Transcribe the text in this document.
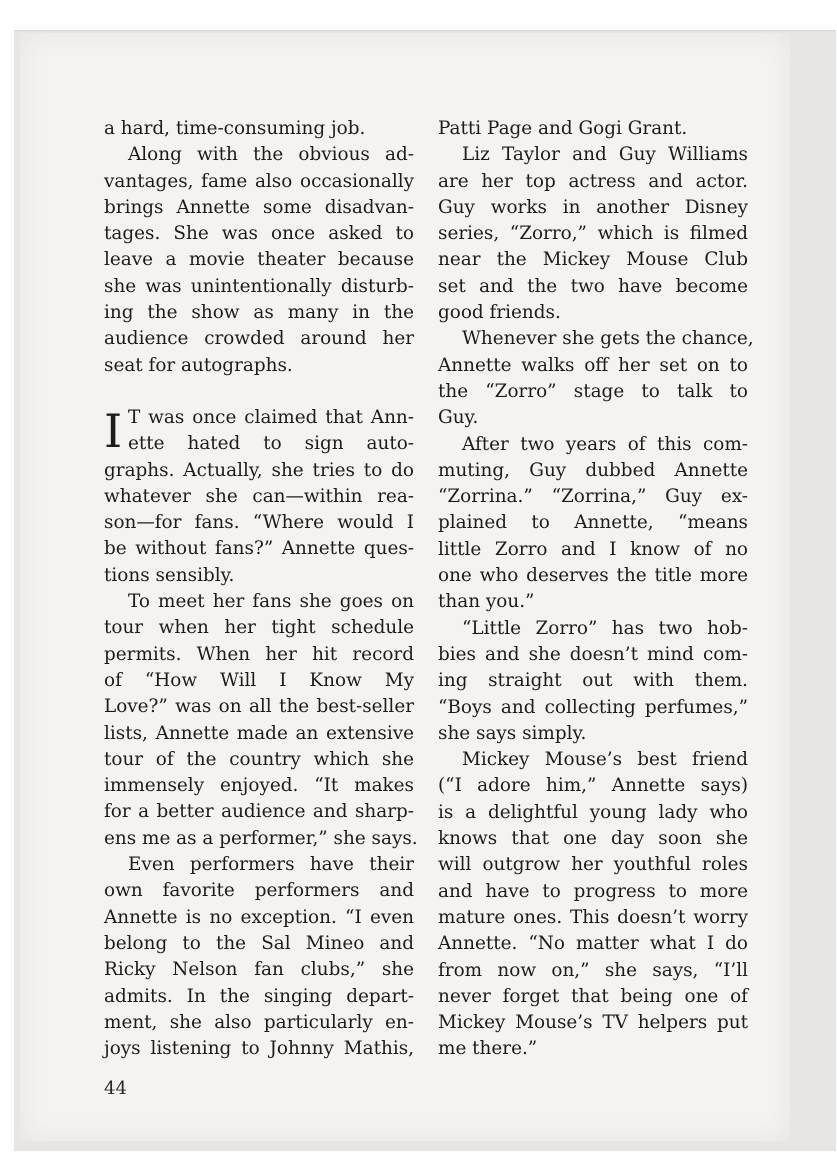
a hard, time-consuming job.
Along with the obvious ad-
vantages, fame also occasionally
brings Annette some disadvan-
tages. She was once asked to
leave a movie theater because
she was unintentionally disturb-
ing the show as many in the
audience crowded around her
seat for autographs.
I T was once claimed that Ann-
ette hated to sign auto-
graphs. Actually, she tries to do
whatever she can—within rea-
son—for fans. “Where would I
be without fans?” Annette ques-
tions sensibly.
To meet her fans she goes on
tour when her tight schedule
permits. When her hit record
of “How Will I Know My
Love?” was on all the best-seller
lists, Annette made an extensive
tour of the country which she
immensely enjoyed. “It makes
for a better audience and sharp-
ens me as a performer,” she says.
Even performers have their
own favorite performers and
Annette is no exception. “I even
belong to the Sal Mineo and
Ricky Nelson fan clubs,” she
admits. In the singing depart-
ment, she also particularly en-
joys listening to Johnny Mathis,
Patti Page and Gogi Grant.
Liz Taylor and Guy Williams
are her top actress and actor.
Guy works in another Disney
series, “Zorro,” which is filmed
near the Mickey Mouse Club
set and the two have become
good friends.
Whenever she gets the chance,
Annette walks off her set on to
the “Zorro” stage to talk to
Guy.
After two years of this com-
muting, Guy dubbed Annette
“Zorrina.” “Zorrina,” Guy ex-
plained to Annette, “means
little Zorro and I know of no
one who deserves the title more
than you.”
“Little Zorro” has two hob-
bies and she doesn’t mind com-
ing straight out with them.
“Boys and collecting perfumes,”
she says simply.
Mickey Mouse’s best friend
(“I adore him,” Annette says)
is a delightful young lady who
knows that one day soon she
will outgrow her youthful roles
and have to progress to more
mature ones. This doesn’t worry
Annette. “No matter what I do
from now on,” she says, “I’ll
never forget that being one of
Mickey Mouse’s TV helpers put
me there.”
44
